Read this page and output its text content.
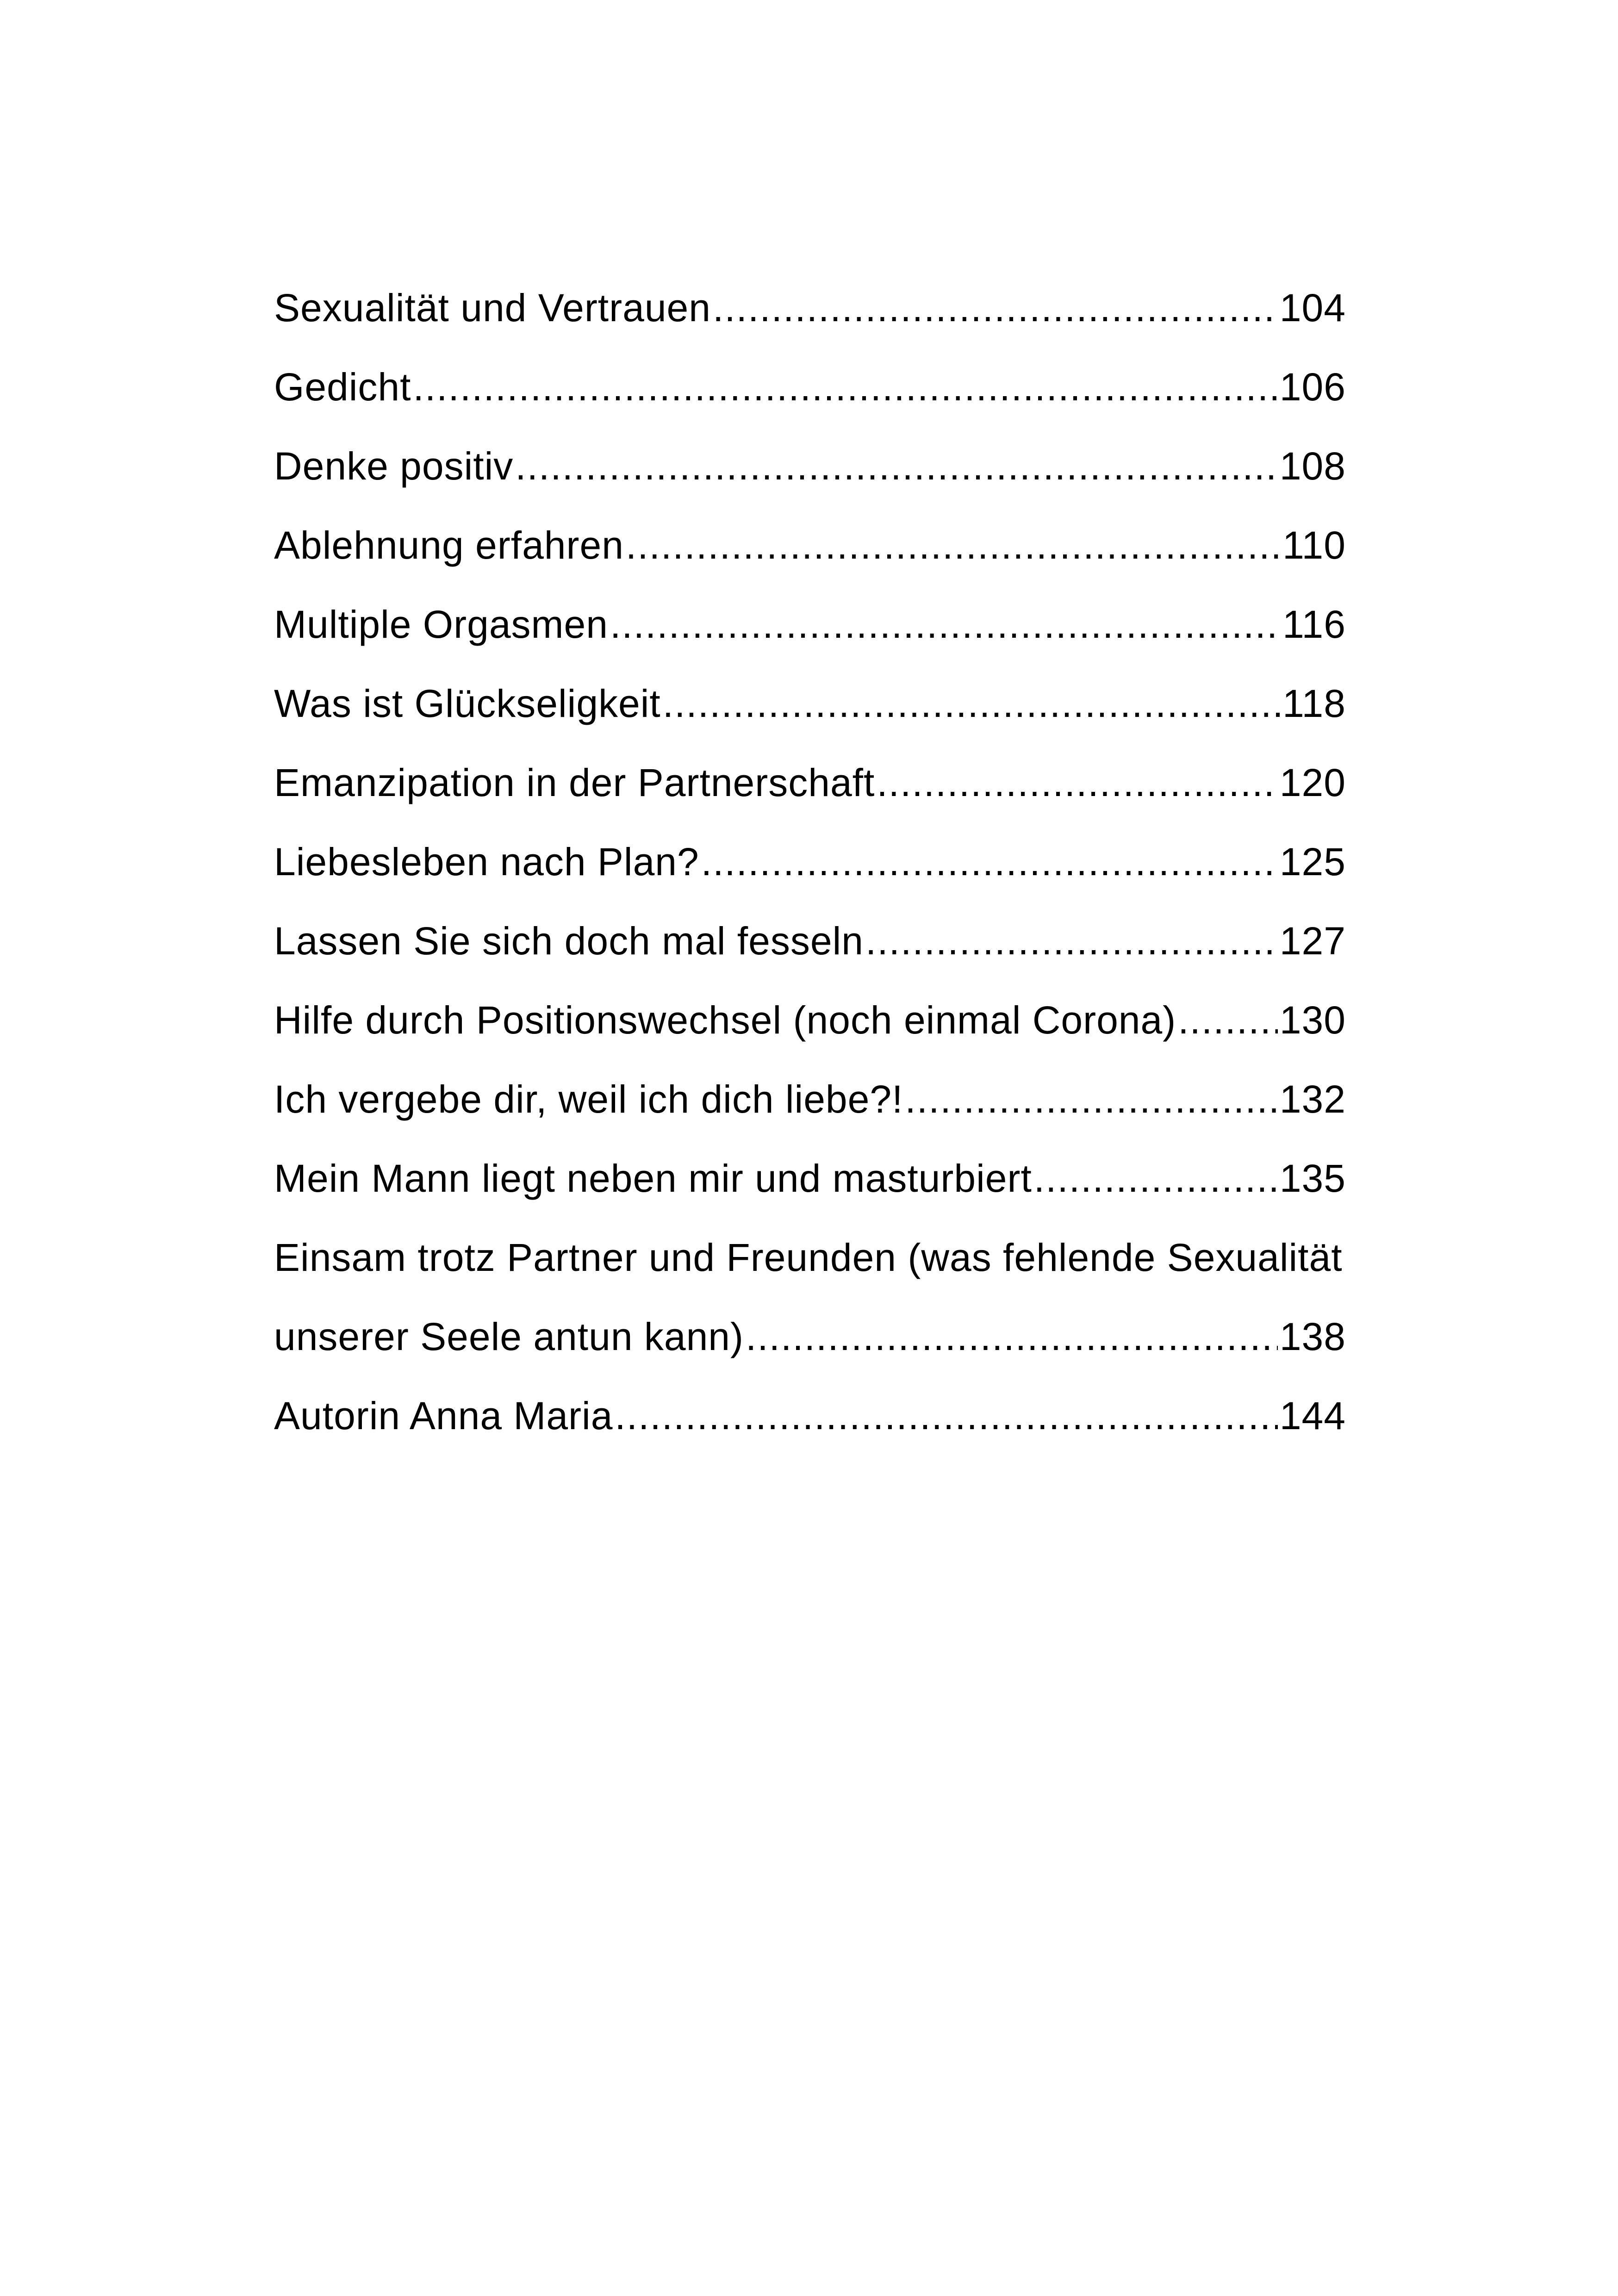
Sexualität und Vertrauen .....	104
Gedicht .....	106
Denke positiv .....	108
Ablehnung erfahren .....	110
Multiple Orgasmen .....	116
Was ist Glückseligkeit .....	118
Emanzipation in der Partnerschaft .....	120
Liebesleben nach Plan? .....	125
Lassen Sie sich doch mal fesseln .....	127
Hilfe durch Positionswechsel (noch einmal Corona) .....	130
Ich vergebe dir, weil ich dich liebe?! .....	132
Mein Mann liegt neben mir und masturbiert .....	135
Einsam trotz Partner und Freunden (was fehlende Sexualität
unserer Seele antun kann) .....	138
Autorin Anna Maria .....	144
